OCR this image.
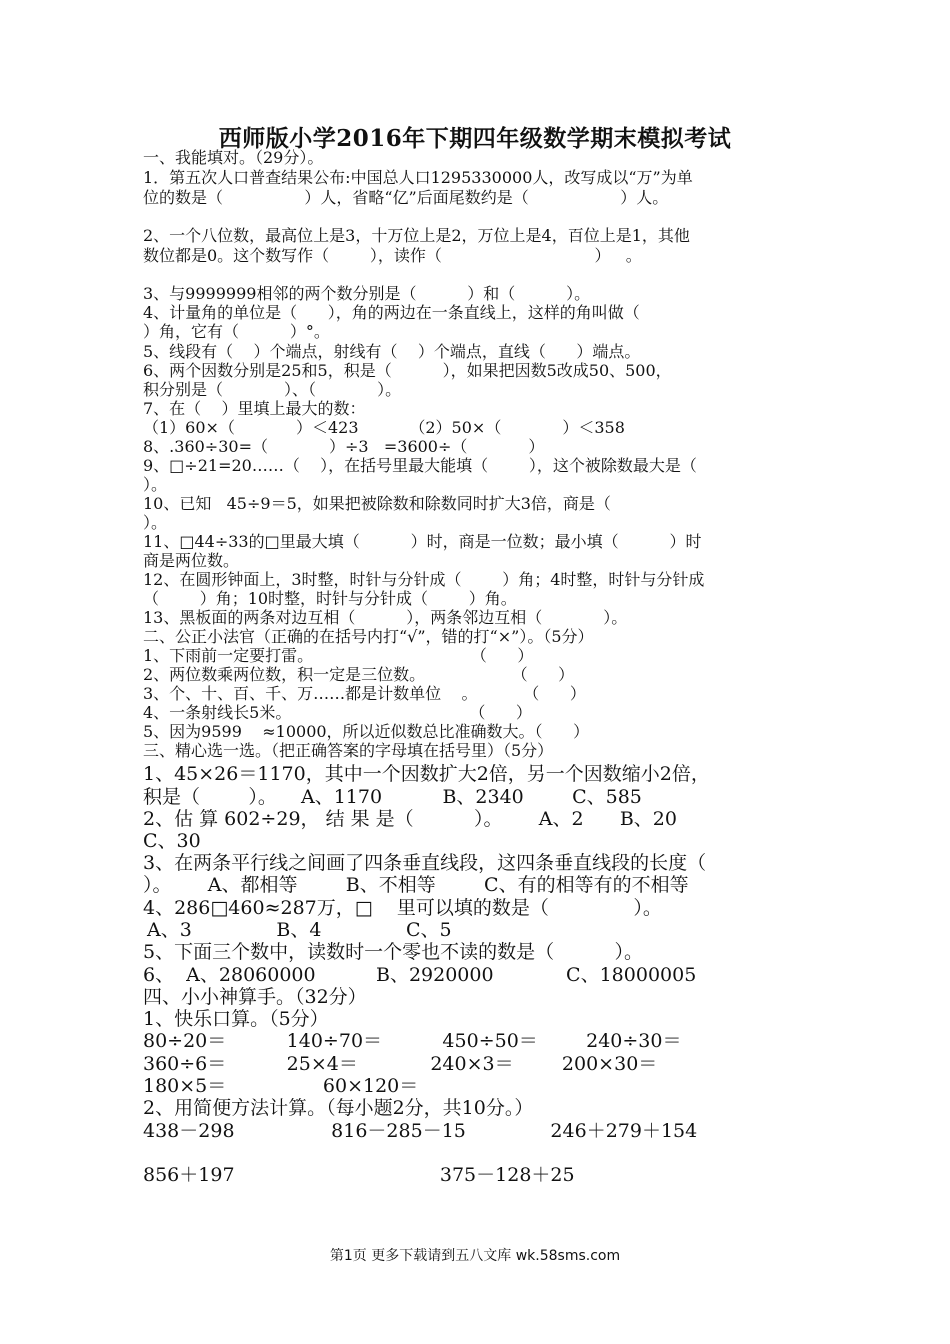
西师版小学2016年下期四年级数学期末模拟考试
一、我能填对。（29分）。
1．第五次人口普查结果公布:中国总人口1295330000人，改写成以“万”为单
位的数是（                ）人，省略“亿”后面尾数约是（                  ）人。
2、一个八位数，最高位上是3，十万位上是2，万位上是4，百位上是1，其他
数位都是0。这个数写作（        ），读作（                              ）   。
3、与9999999相邻的两个数分别是（          ）和（          ）。
4、计量角的单位是（      ），角的两边在一条直线上，这样的角叫做（
）角，它有（          ）°。
5、线段有（    ）个端点，射线有（    ）个端点，直线（      ）端点。
6、两个因数分别是25和5，积是（          ），如果把因数5改成50、500，
积分别是（            ）、（            ）。
7、在（    ）里填上最大的数：
（1）60×（            ）＜423          （2）50×（            ）＜358
8、.360÷30=（            ）÷3   =3600÷（            ）
9、□÷21=20……（    ），在括号里最大能填（        ），这个被除数最大是（
）。
10、已知   45÷9＝5，如果把被除数和除数同时扩大3倍，商是（
）。
11、□44÷33的□里最大填（          ）时，商是一位数；最小填（          ）时
商是两位数。
12、在圆形钟面上，3时整，时针与分针成（        ）角；4时整，时针与分针成
（        ）角；10时整，时针与分针成（        ）角。
13、黑板面的两条对边互相（          ），两条邻边互相（            ）。
二、公正小法官（正确的在括号内打“√”，错的打“×”）。（5分）
1、下雨前一定要打雷。                               （      ）
2、两位数乘两位数，积一定是三位数。                 （      ）
3、个、十、百、千、万……都是计数单位    。         （      ）
4、一条射线长5米。                                   （      ）
5、因为9599    ≈10000，所以近似数总比准确数大。（      ）
三、精心选一选。（把正确答案的字母填在括号里）（5分）
1、45×26＝1170，其中一个因数扩大2倍，另一个因数缩小2倍，
积是（        ）。    A、1170          B、2340        C、585
2、估 算 602÷29， 结 果 是（          ）。      A、2      B、20
C、30
3、在两条平行线之间画了四条垂直线段，这四条垂直线段的长度（
）。      A、都相等        B、不相等        C、有的相等有的不相等
4、286□460≈287万，□    里可以填的数是（              ）。
A、3              B、4              C、5
5、下面三个数中，读数时一个零也不读的数是（          ）。
6、  A、28060000          B、2920000            C、18000005
四、小小神算手。（32分）
1、快乐口算。（5分）
80÷20＝          140÷70＝          450÷50＝        240÷30＝
360÷6＝          25×4＝            240×3＝        200×30＝
180×5＝                60×120＝
2、用简便方法计算。（每小题2分，共10分。）
438－298                816－285－15              246＋279＋154
856＋197                                  375－128＋25
第1页 更多下载请到五八文库 wk.58sms.com
